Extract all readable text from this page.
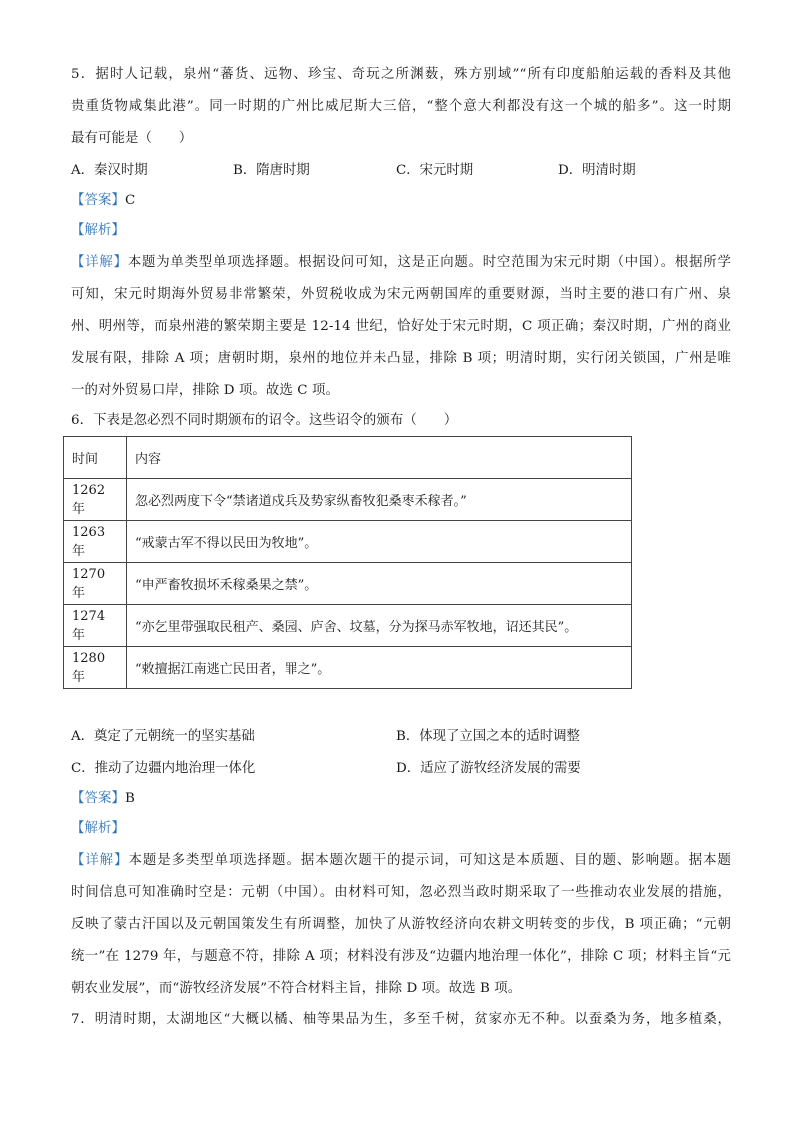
5．据时人记载，泉州“蕃货、远物、珍宝、奇玩之所渊薮，殊方别域”“所有印度船舶运载的香料及其他
贵重货物咸集此港”。同一时期的广州比威尼斯大三倍，“整个意大利都没有这一个城的船多”。这一时期
最有可能是（　　）
A．秦汉时期	B．隋唐时期	C．宋元时期	D．明清时期
【答案】C
【解析】
【详解】本题为单类型单项选择题。根据设问可知，这是正向题。时空范围为宋元时期（中国）。根据所学
可知，宋元时期海外贸易非常繁荣，外贸税收成为宋元两朝国库的重要财源，当时主要的港口有广州、泉
州、明州等，而泉州港的繁荣期主要是 12-14 世纪，恰好处于宋元时期，C 项正确；秦汉时期，广州的商业
发展有限，排除 A 项；唐朝时期，泉州的地位并未凸显，排除 B 项；明清时期，实行闭关锁国，广州是唯
一的对外贸易口岸，排除 D 项。故选 C 项。
6．下表是忽必烈不同时期颁布的诏令。这些诏令的颁布（　　）
时间	内容
1262 年	忽必烈两度下令“禁诸道戍兵及势家纵畜牧犯桑枣禾稼者。”
1263 年	“戒蒙古军不得以民田为牧地”。
1270 年	“申严畜牧损坏禾稼桑果之禁”。
1274 年	“亦乞里带强取民租产、桑园、庐舍、坟墓，分为探马赤军牧地，诏还其民”。
1280 年	“敕擅据江南逃亡民田者，罪之”。
A．奠定了元朝统一的坚实基础	B．体现了立国之本的适时调整
C．推动了边疆内地治理一体化	D．适应了游牧经济发展的需要
【答案】B
【解析】
【详解】本题是多类型单项选择题。据本题次题干的提示词，可知这是本质题、目的题、影响题。据本题
时间信息可知准确时空是：元朝（中国）。由材料可知，忽必烈当政时期采取了一些推动农业发展的措施，
反映了蒙古汗国以及元朝国策发生有所调整，加快了从游牧经济向农耕文明转变的步伐，B 项正确；“元朝
统一”在 1279 年，与题意不符，排除 A 项；材料没有涉及“边疆内地治理一体化”，排除 C 项；材料主旨“元
朝农业发展”，而“游牧经济发展”不符合材料主旨，排除 D 项。故选 B 项。
7．明清时期，太湖地区“大概以橘、柚等果品为生，多至千树，贫家亦无不种。以蚕桑为务，地多植桑，
